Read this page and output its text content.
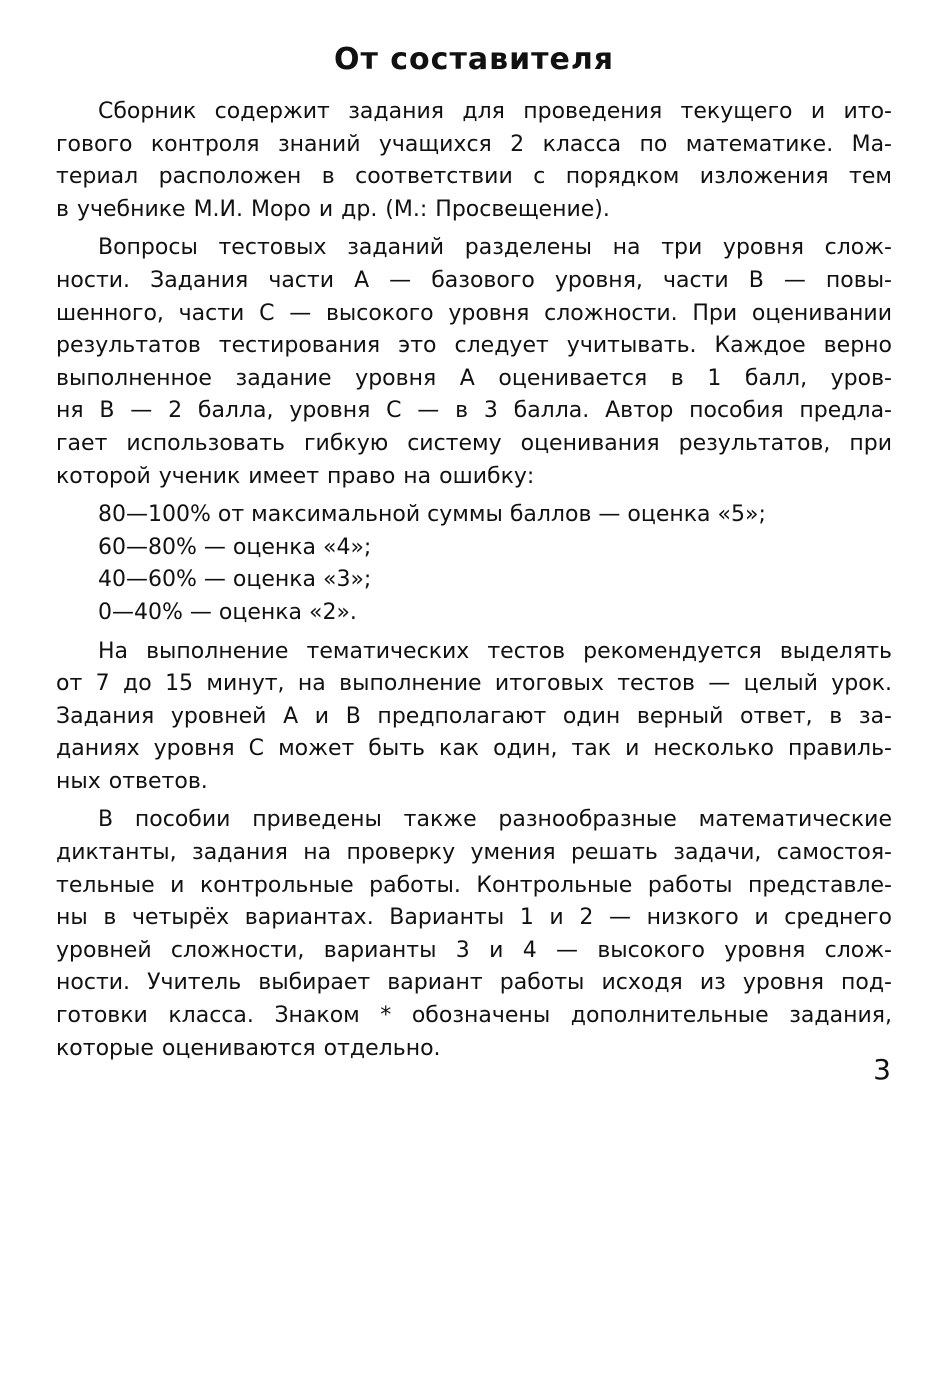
От составителя
Сборник содержит задания для проведения текущего и ито-
гового контроля знаний учащихся 2 класса по математике. Ма-
териал расположен в соответствии с порядком изложения тем
в учебнике М.И. Моро и др. (М.: Просвещение).
Вопросы тестовых заданий разделены на три уровня слож-
ности. Задания части А — базового уровня, части В — повы-
шенного, части С — высокого уровня сложности. При оценивании
результатов тестирования это следует учитывать. Каждое верно
выполненное задание уровня А оценивается в 1 балл, уров-
ня В — 2 балла, уровня С — в 3 балла. Автор пособия предла-
гает использовать гибкую систему оценивания результатов, при
которой ученик имеет право на ошибку:
80—100% от максимальной суммы баллов — оценка «5»;
60—80% — оценка «4»;
40—60% — оценка «3»;
0—40% — оценка «2».
На выполнение тематических тестов рекомендуется выделять
от 7 до 15 минут, на выполнение итоговых тестов — целый урок.
Задания уровней А и В предполагают один верный ответ, в за-
даниях уровня С может быть как один, так и несколько правиль-
ных ответов.
В пособии приведены также разнообразные математические
диктанты, задания на проверку умения решать задачи, самостоя-
тельные и контрольные работы. Контрольные работы представле-
ны в четырёх вариантах. Варианты 1 и 2 — низкого и среднего
уровней сложности, варианты 3 и 4 — высокого уровня слож-
ности. Учитель выбирает вариант работы исходя из уровня под-
готовки класса. Знаком * обозначены дополнительные задания,
которые оцениваются отдельно.
3
